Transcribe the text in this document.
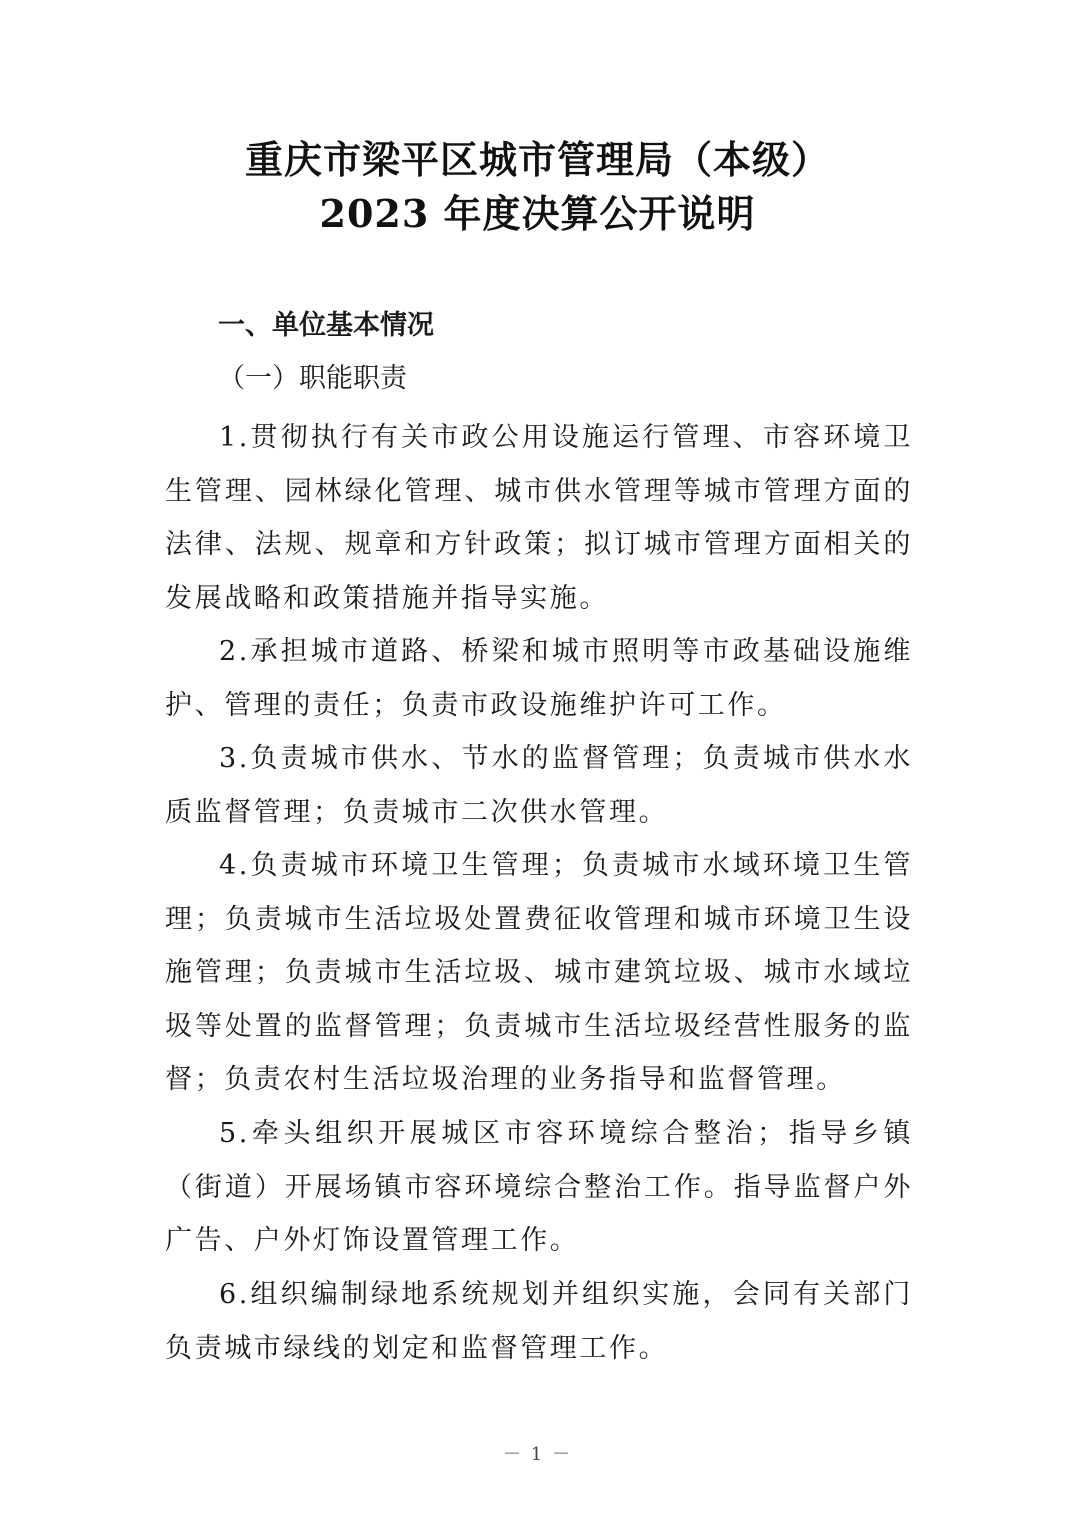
重庆市梁平区城市管理局（本级）
2023 年度决算公开说明
一、单位基本情况
（一）职能职责

1.贯彻执行有关市政公用设施运行管理、市容环境卫生管理、园林绿化管理、城市供水管理等城市管理方面的法律、法规、规章和方针政策；拟订城市管理方面相关的发展战略和政策措施并指导实施。

2.承担城市道路、桥梁和城市照明等市政基础设施维护、管理的责任；负责市政设施维护许可工作。

3.负责城市供水、节水的监督管理；负责城市供水水质监督管理；负责城市二次供水管理。

4.负责城市环境卫生管理；负责城市水域环境卫生管理；负责城市生活垃圾处置费征收管理和城市环境卫生设施管理；负责城市生活垃圾、城市建筑垃圾、城市水域垃圾等处置的监督管理；负责城市生活垃圾经营性服务的监督；负责农村生活垃圾治理的业务指导和监督管理。

5.牵头组织开展城区市容环境综合整治；指导乡镇（街道）开展场镇市容环境综合整治工作。指导监督户外广告、户外灯饰设置管理工作。

6.组织编制绿地系统规划并组织实施，会同有关部门负责城市绿线的划定和监督管理工作。

－ 1 －
